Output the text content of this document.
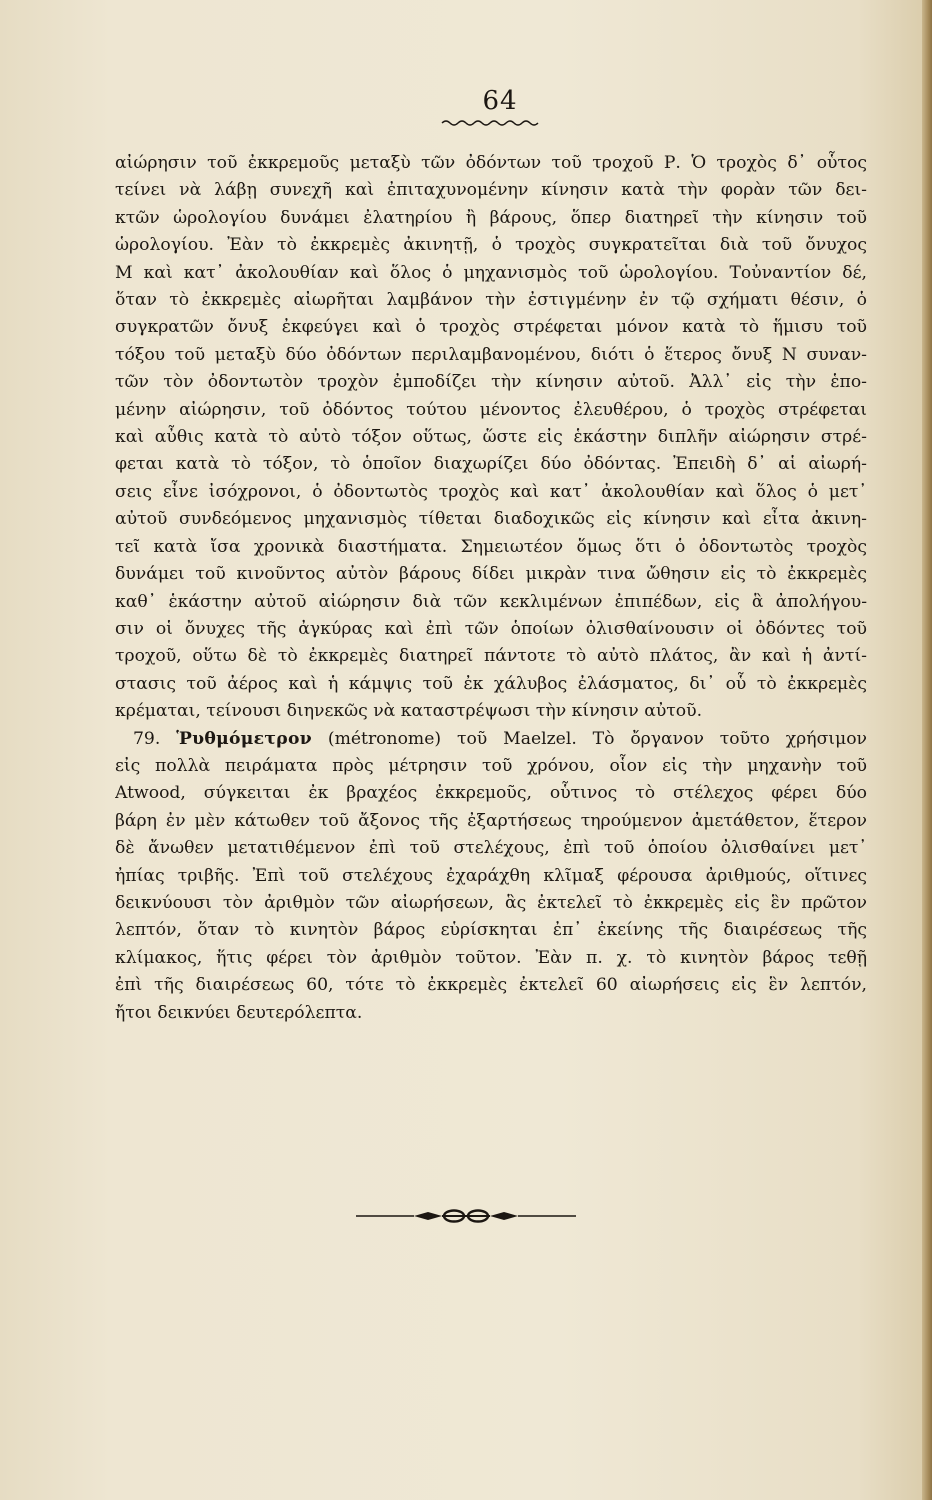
64
αἰώρησιν τοῦ ἐκκρεμοῦς μεταξὺ τῶν ὀδόντων τοῦ τροχοῦ Ρ. Ὁ τροχὸς δ᾿ οὗτος
τείνει νὰ λάβῃ συνεχῆ καὶ ἐπιταχυνομένην κίνησιν κατὰ τὴν φορὰν τῶν δει-
κτῶν ὡρολογίου δυνάμει ἐλατηρίου ἢ βάρους, ὅπερ διατηρεῖ τὴν κίνησιν τοῦ
ὡρολογίου. Ἐὰν τὸ ἐκκρεμὲς ἀκινητῇ, ὁ τροχὸς συγκρατεῖται διὰ τοῦ ὄνυχος
Μ καὶ κατ᾿ ἀκολουθίαν καὶ ὅλος ὁ μηχανισμὸς τοῦ ὡρολογίου. Τοὐναντίον δέ,
ὅταν τὸ ἐκκρεμὲς αἰωρῆται λαμβάνον τὴν ἐστιγμένην ἐν τῷ σχήματι θέσιν, ὁ
συγκρατῶν ὄνυξ ἐκφεύγει καὶ ὁ τροχὸς στρέφεται μόνον κατὰ τὸ ἥμισυ τοῦ
τόξου τοῦ μεταξὺ δύο ὀδόντων περιλαμβανομένου, διότι ὁ ἕτερος ὄνυξ Ν συναν-
τῶν τὸν ὀδοντωτὸν τροχὸν ἐμποδίζει τὴν κίνησιν αὐτοῦ. Ἀλλ᾿ εἰς τὴν ἑπο-
μένην αἰώρησιν, τοῦ ὀδόντος τούτου μένοντος ἐλευθέρου, ὁ τροχὸς στρέφεται
καὶ αὖθις κατὰ τὸ αὐτὸ τόξον οὕτως, ὥστε εἰς ἑκάστην διπλῆν αἰώρησιν στρέ-
φεται κατὰ τὸ τόξον, τὸ ὁποῖον διαχωρίζει δύο ὀδόντας. Ἐπειδὴ δ᾿ αἱ αἰωρή-
σεις εἶνε ἰσόχρονοι, ὁ ὀδοντωτὸς τροχὸς καὶ κατ᾿ ἀκολουθίαν καὶ ὅλος ὁ μετ᾿
αὐτοῦ συνδεόμενος μηχανισμὸς τίθεται διαδοχικῶς εἰς κίνησιν καὶ εἶτα ἀκινη-
τεῖ κατὰ ἴσα χρονικὰ διαστήματα. Σημειωτέον ὅμως ὅτι ὁ ὀδοντωτὸς τροχὸς
δυνάμει τοῦ κινοῦντος αὐτὸν βάρους δίδει μικρὰν τινα ὤθησιν εἰς τὸ ἐκκρεμὲς
καθ᾿ ἑκάστην αὐτοῦ αἰώρησιν διὰ τῶν κεκλιμένων ἐπιπέδων, εἰς ἃ ἀπολήγου-
σιν οἱ ὄνυχες τῆς ἀγκύρας καὶ ἐπὶ τῶν ὁποίων ὀλισθαίνουσιν οἱ ὀδόντες τοῦ
τροχοῦ, οὕτω δὲ τὸ ἐκκρεμὲς διατηρεῖ πάντοτε τὸ αὐτὸ πλάτος, ἂν καὶ ἡ ἀντί-
στασις τοῦ ἀέρος καὶ ἡ κάμψις τοῦ ἐκ χάλυβος ἐλάσματος, δι᾿ οὗ τὸ ἐκκρεμὲς
κρέμαται, τείνουσι διηνεκῶς νὰ καταστρέψωσι τὴν κίνησιν αὐτοῦ.
79. Ῥυθμόμετρον (métronome) τοῦ Maelzel. Τὸ ὄργανον τοῦτο χρήσιμον
εἰς πολλὰ πειράματα πρὸς μέτρησιν τοῦ χρόνου, οἷον εἰς τὴν μηχανὴν τοῦ
Atwood, σύγκειται ἐκ βραχέος ἐκκρεμοῦς, οὗτινος τὸ στέλεχος φέρει δύο
βάρη ἐν μὲν κάτωθεν τοῦ ἄξονος τῆς ἐξαρτήσεως τηρούμενον ἀμετάθετον, ἕτερον
δὲ ἄνωθεν μετατιθέμενον ἐπὶ τοῦ στελέχους, ἐπὶ τοῦ ὁποίου ὀλισθαίνει μετ᾿
ἠπίας τριβῆς. Ἐπὶ τοῦ στελέχους ἐχαράχθη κλῖμαξ φέρουσα ἀριθμούς, οἵτινες
δεικνύουσι τὸν ἀριθμὸν τῶν αἰωρήσεων, ἃς ἐκτελεῖ τὸ ἐκκρεμὲς εἰς ἓν πρῶτον
λεπτόν, ὅταν τὸ κινητὸν βάρος εὑρίσκηται ἐπ᾿ ἐκείνης τῆς διαιρέσεως τῆς
κλίμακος, ἥτις φέρει τὸν ἀριθμὸν τοῦτον. Ἐὰν π. χ. τὸ κινητὸν βάρος τεθῇ
ἐπὶ τῆς διαιρέσεως 60, τότε τὸ ἐκκρεμὲς ἐκτελεῖ 60 αἰωρήσεις εἰς ἓν λεπτόν,
ἤτοι δεικνύει δευτερόλεπτα.
